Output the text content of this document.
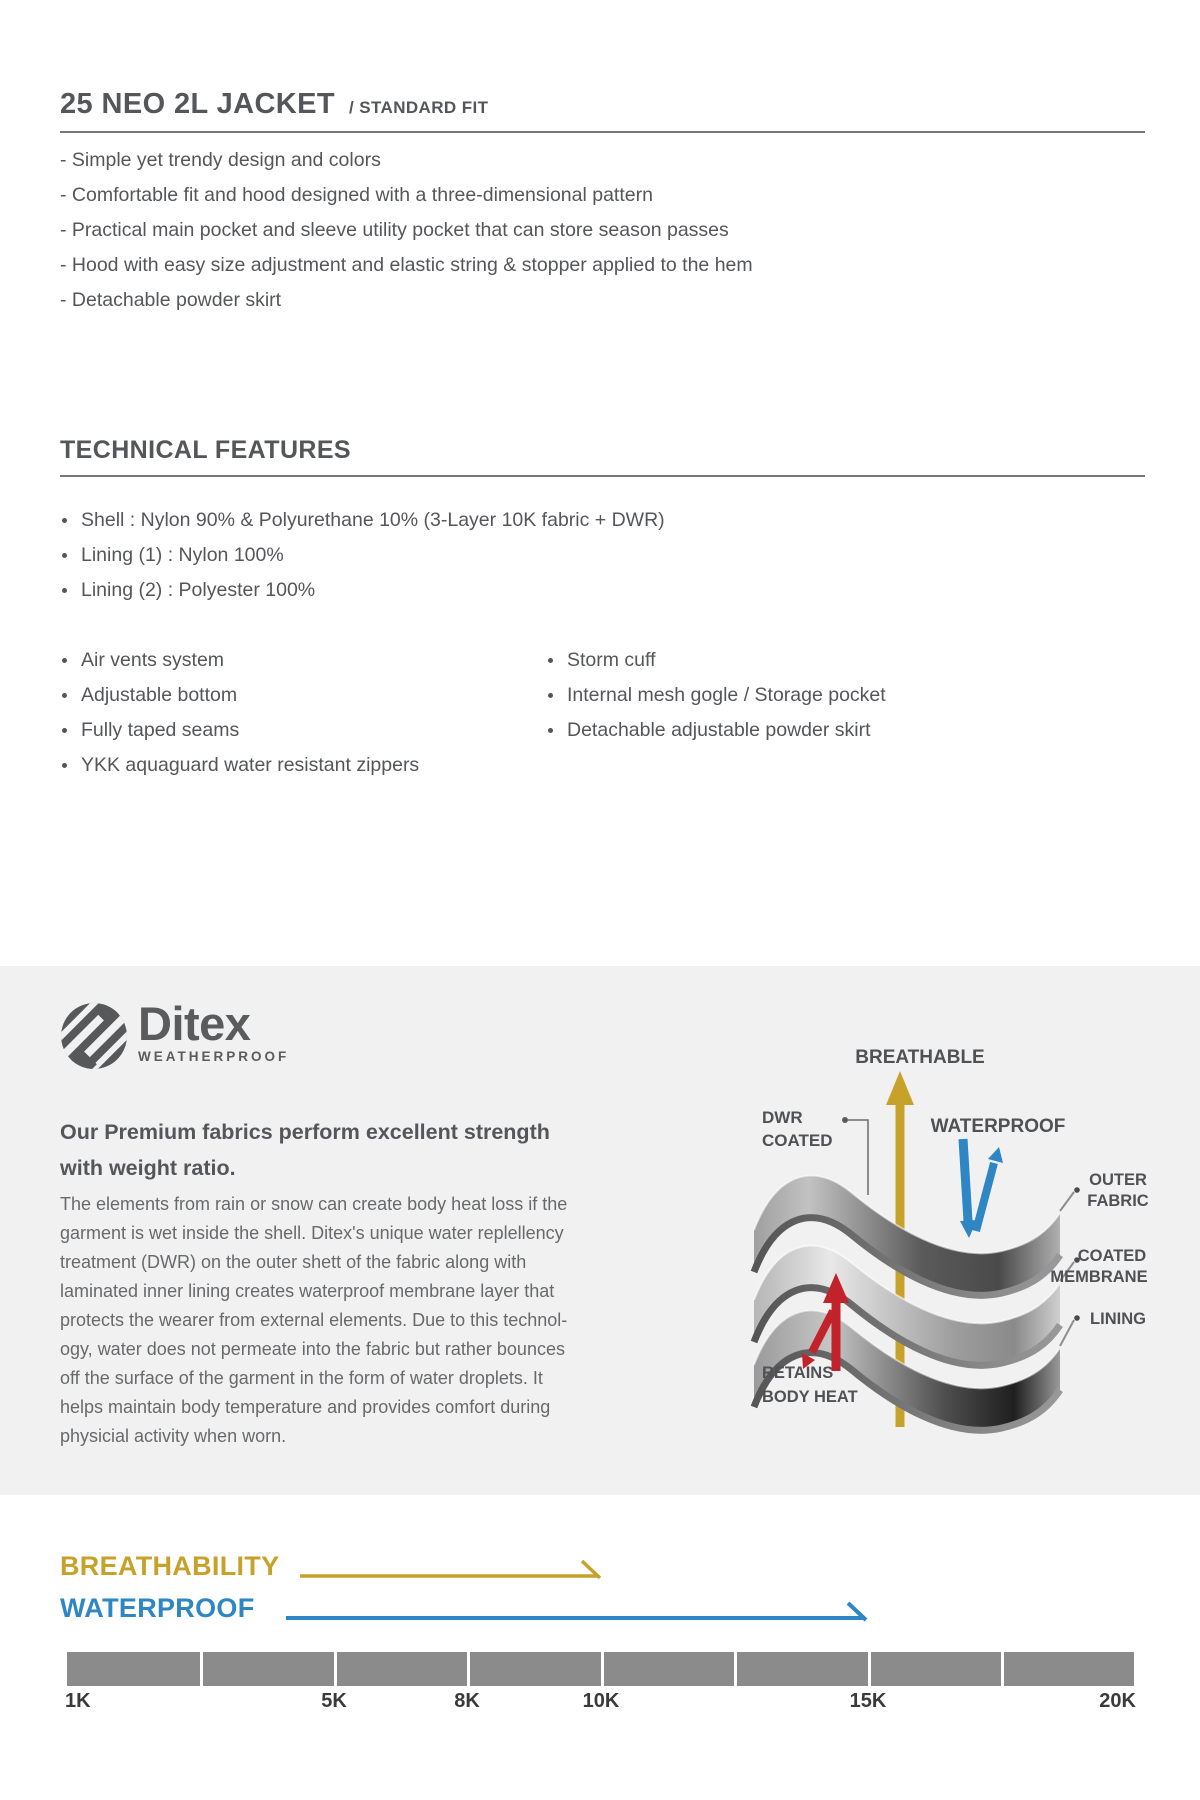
25 NEO 2L JACKET / STANDARD FIT
- Simple yet trendy design and colors
- Comfortable fit and hood designed with a three-dimensional pattern
- Practical main pocket and sleeve utility pocket that can store season passes
- Hood with easy size adjustment and elastic string & stopper applied to the hem
- Detachable powder skirt
TECHNICAL FEATURES
Shell : Nylon 90% & Polyurethane 10% (3-Layer 10K fabric + DWR)
Lining (1) : Nylon 100%
Lining (2) : Polyester 100%
Air vents system
Adjustable bottom
Fully taped seams
YKK aquaguard water resistant zippers
Storm cuff
Internal mesh gogle / Storage pocket
Detachable adjustable powder skirt
Ditex
WEATHERPROOF
Our Premium fabrics perform excellent strength
with weight ratio.
The elements from rain or snow can create body heat loss if the
garment is wet inside the shell. Ditex's unique water replellency
treatment (DWR) on the outer shett of the fabric along with
laminated inner lining creates waterproof membrane layer that
protects the wearer from external elements. Due to this technol-
ogy, water does not permeate into the fabric but rather bounces
off the surface of the garment in the form of water droplets. It
helps maintain body temperature and provides comfort during
physicial activity when worn.
BREATHABLE
WATERPROOF
DWR
COATED
OUTER
FABRIC
COATED
MEMBRANE
LINING
RETAINS
BODY HEAT
BREATHABILITY
WATERPROOF
1K	5K	8K	10K	15K	20K
